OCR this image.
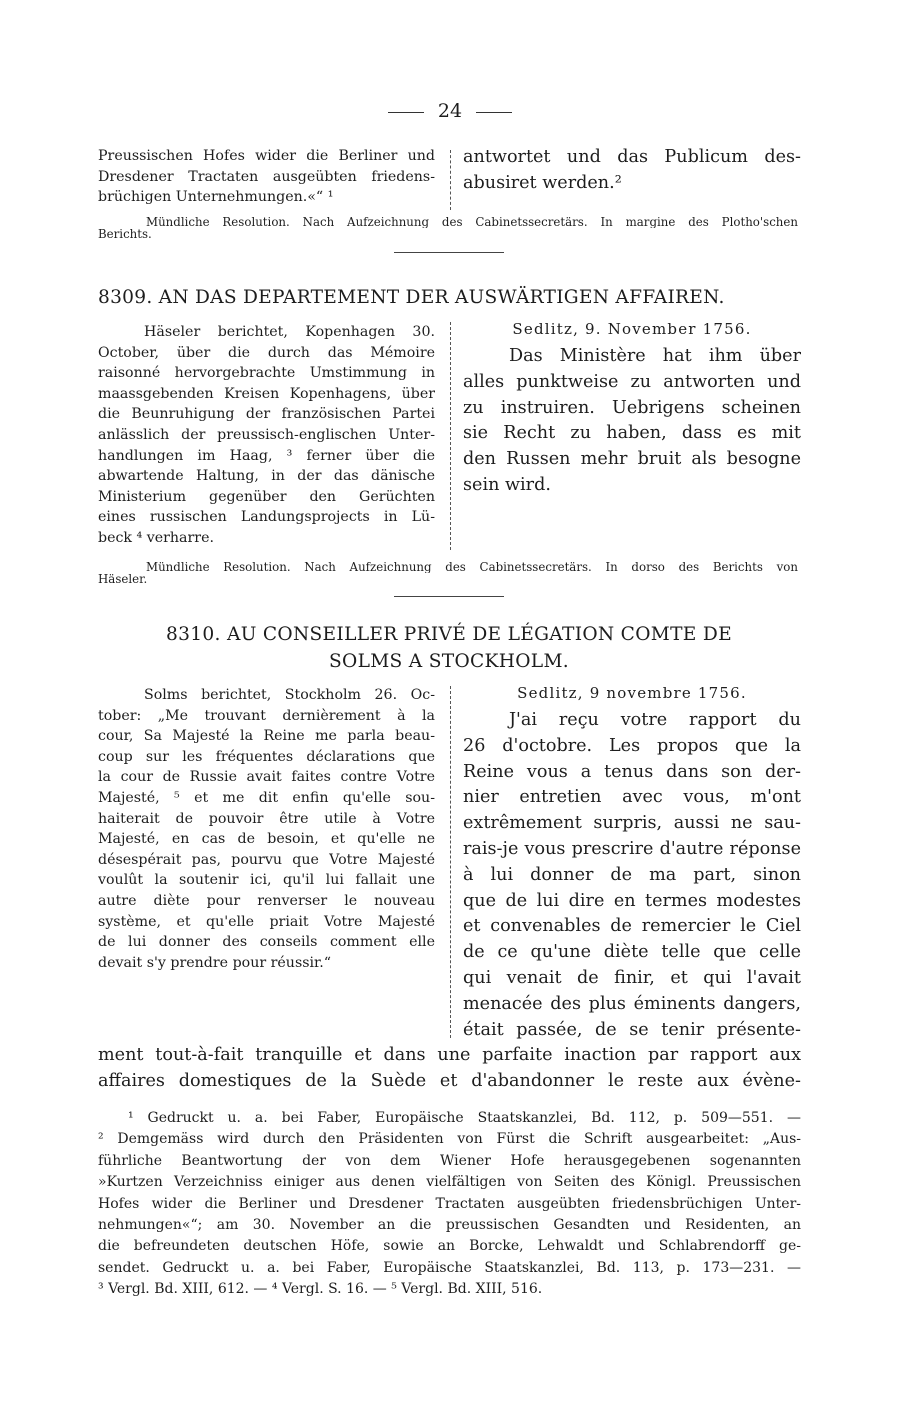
24
Preussischen Hofes wider die Berliner und
Dresdener Tractaten ausgeübten friedens-
brüchigen Unternehmungen.«“ ¹
antwortet und das Publicum des-
abusiret werden.²
Mündliche Resolution. Nach Aufzeichnung des Cabinetssecretärs. In margine des Plotho'schen
Berichts.
8309. AN DAS DEPARTEMENT DER AUSWÄRTIGEN AFFAIREN.
Häseler berichtet, Kopenhagen 30.
October, über die durch das Mémoire
raisonné hervorgebrachte Umstimmung in
maassgebenden Kreisen Kopenhagens, über
die Beunruhigung der französischen Partei
anlässlich der preussisch-englischen Unter-
handlungen im Haag, ³ ferner über die
abwartende Haltung, in der das dänische
Ministerium gegenüber den Gerüchten
eines russischen Landungsprojects in Lü-
beck ⁴ verharre.
Sedlitz, 9. November 1756.
Das Ministère hat ihm über
alles punktweise zu antworten und
zu instruiren. Uebrigens scheinen
sie Recht zu haben, dass es mit
den Russen mehr bruit als besogne
sein wird.
Mündliche Resolution. Nach Aufzeichnung des Cabinetssecretärs. In dorso des Berichts von
Häseler.
8310. AU CONSEILLER PRIVÉ DE LÉGATION COMTE DE
SOLMS A STOCKHOLM.
Solms berichtet, Stockholm 26. Oc-
tober: „Me trouvant dernièrement à la
cour, Sa Majesté la Reine me parla beau-
coup sur les fréquentes déclarations que
la cour de Russie avait faites contre Votre
Majesté, ⁵ et me dit enfin qu'elle sou-
haiterait de pouvoir être utile à Votre
Majesté, en cas de besoin, et qu'elle ne
désespérait pas, pourvu que Votre Majesté
voulût la soutenir ici, qu'il lui fallait une
autre diète pour renverser le nouveau
système, et qu'elle priait Votre Majesté
de lui donner des conseils comment elle
devait s'y prendre pour réussir.“
Sedlitz, 9 novembre 1756.
J'ai reçu votre rapport du
26 d'octobre. Les propos que la
Reine vous a tenus dans son der-
nier entretien avec vous, m'ont
extrêmement surpris, aussi ne sau-
rais-je vous prescrire d'autre réponse
à lui donner de ma part, sinon
que de lui dire en termes modestes
et convenables de remercier le Ciel
de ce qu'une diète telle que celle
qui venait de finir, et qui l'avait
menacée des plus éminents dangers,
était passée, de se tenir présente-
ment tout-à-fait tranquille et dans une parfaite inaction par rapport aux
affaires domestiques de la Suède et d'abandonner le reste aux évène-
¹ Gedruckt u. a. bei Faber, Europäische Staatskanzlei, Bd. 112, p. 509—551. —
² Demgemäss wird durch den Präsidenten von Fürst die Schrift ausgearbeitet: „Aus-
führliche Beantwortung der von dem Wiener Hofe herausgegebenen sogenannten
»Kurtzen Verzeichniss einiger aus denen vielfältigen von Seiten des Königl. Preussischen
Hofes wider die Berliner und Dresdener Tractaten ausgeübten friedensbrüchigen Unter-
nehmungen«“; am 30. November an die preussischen Gesandten und Residenten, an
die befreundeten deutschen Höfe, sowie an Borcke, Lehwaldt und Schlabrendorff ge-
sendet. Gedruckt u. a. bei Faber, Europäische Staatskanzlei, Bd. 113, p. 173—231. —
³ Vergl. Bd. XIII, 612. — ⁴ Vergl. S. 16. — ⁵ Vergl. Bd. XIII, 516.
